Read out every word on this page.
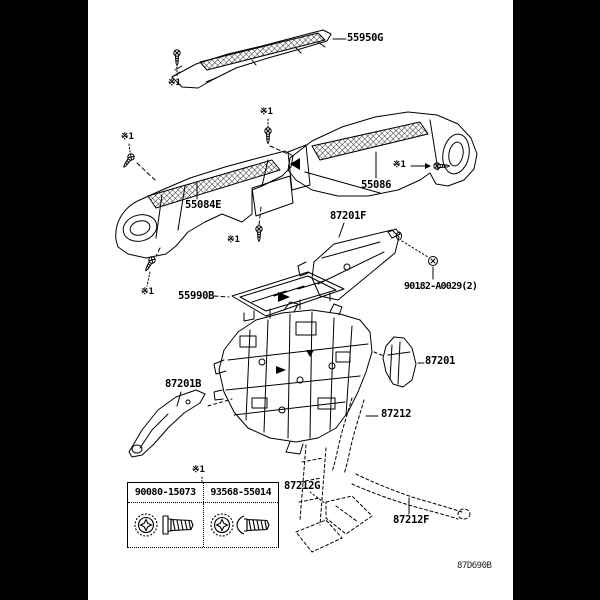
55950G
55084E
55086
87201F
90182-A0029(2)
55990B
87201
87201B
87212
87212G
87212F
※1
※1
※1
※1
※1
※1
※1
87D690B
90080-15073	93568-55014
